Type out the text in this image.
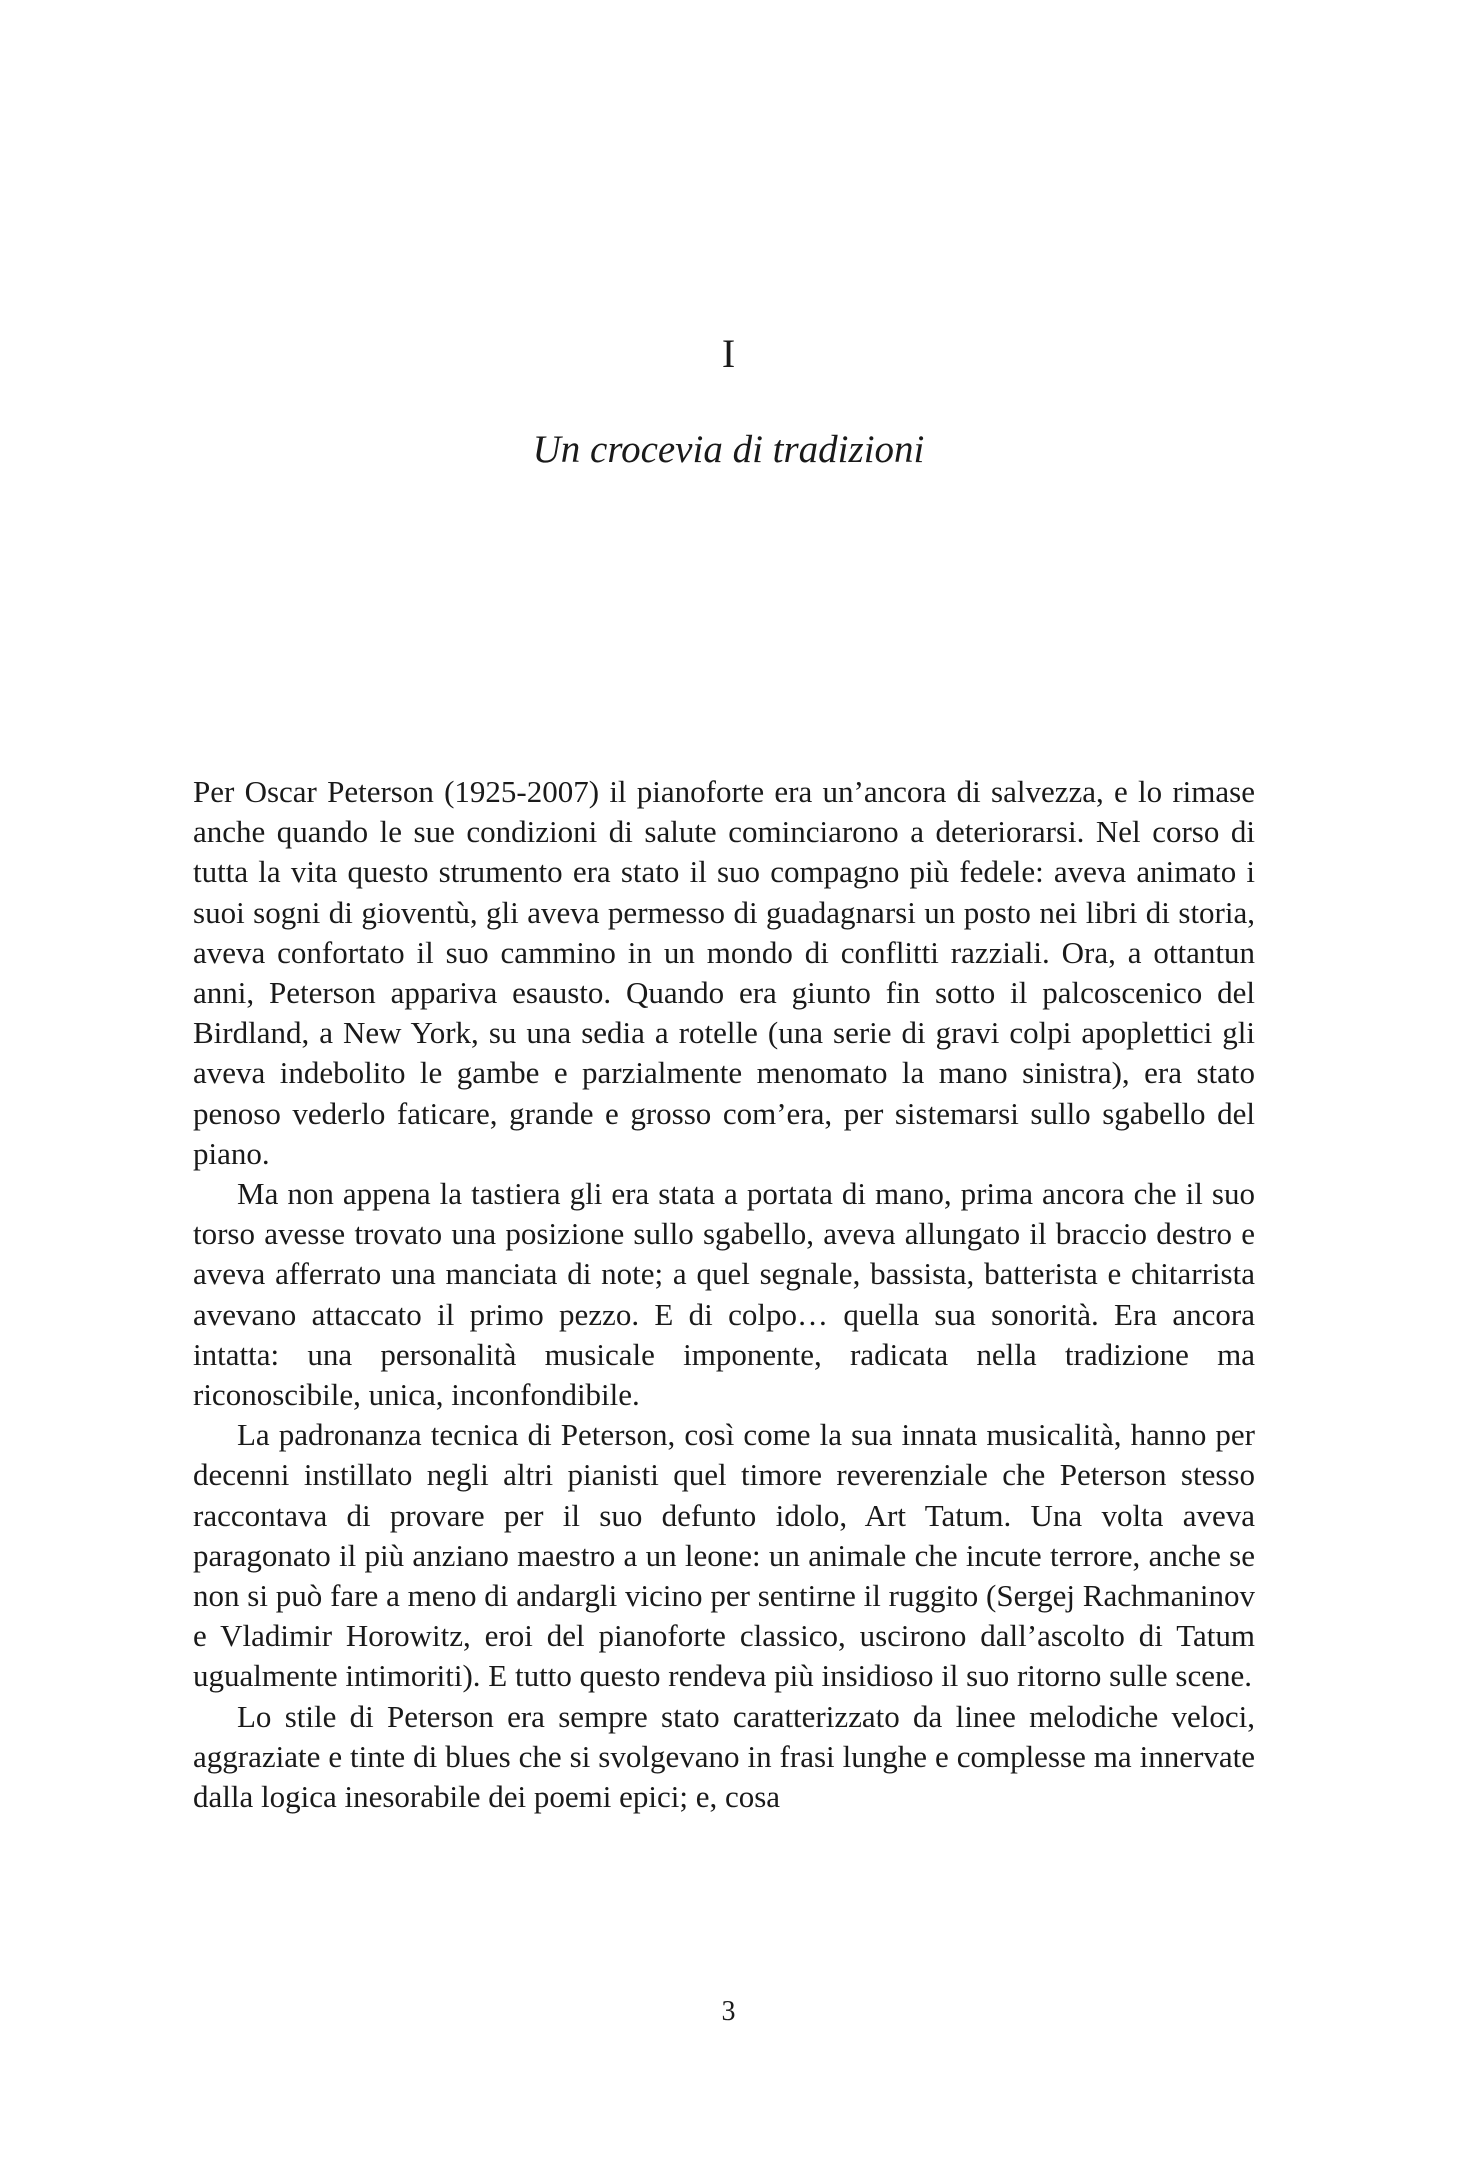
I
Un crocevia di tradizioni

Per Oscar Peterson (1925-2007) il pianoforte era un’ancora di salvezza, e lo rimase anche quando le sue condizioni di salute cominciarono a deteriorarsi. Nel corso di tutta la vita questo strumento era stato il suo compagno più fedele: aveva animato i suoi sogni di gioventù, gli aveva permesso di guadagnarsi un posto nei libri di storia, aveva confortato il suo cammino in un mondo di conflitti razziali. Ora, a ottantun anni, Peterson appariva esausto. Quando era giunto fin sotto il palcoscenico del Birdland, a New York, su una sedia a rotelle (una serie di gravi colpi apoplettici gli aveva indebolito le gambe e parzialmente menomato la mano sinistra), era stato penoso vederlo faticare, grande e grosso com’era, per sistemarsi sullo sgabello del piano.

Ma non appena la tastiera gli era stata a portata di mano, prima ancora che il suo torso avesse trovato una posizione sullo sgabello, aveva allungato il braccio destro e aveva afferrato una manciata di note; a quel segnale, bassista, batterista e chitarrista avevano attaccato il primo pezzo. E di colpo… quella sua sonorità. Era ancora intatta: una personalità musicale imponente, radicata nella tradizione ma riconoscibile, unica, inconfondibile.

La padronanza tecnica di Peterson, così come la sua innata musicalità, hanno per decenni instillato negli altri pianisti quel timore reverenziale che Peterson stesso raccontava di provare per il suo defunto idolo, Art Tatum. Una volta aveva paragonato il più anziano maestro a un leone: un animale che incute terrore, anche se non si può fare a meno di andargli vicino per sentirne il ruggito (Sergej Rachmaninov e Vladimir Horowitz, eroi del pianoforte classico, uscirono dall’ascolto di Tatum ugualmente intimoriti). E tutto questo rendeva più insidioso il suo ritorno sulle scene.

Lo stile di Peterson era sempre stato caratterizzato da linee melodiche veloci, aggraziate e tinte di blues che si svolgevano in frasi lunghe e complesse ma innervate dalla logica inesorabile dei poemi epici; e, cosa

3
